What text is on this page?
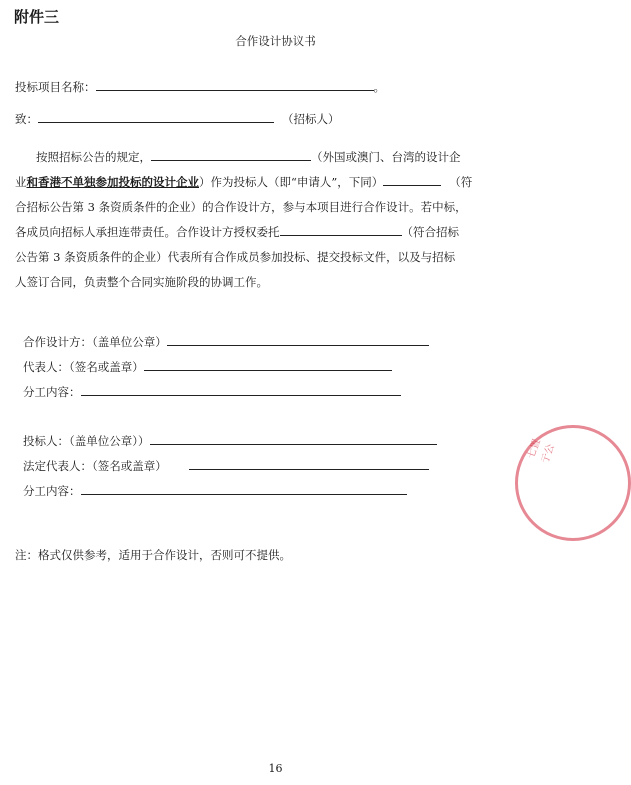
附件三
合作设计协议书
投标项目名称：	。
致：	（招标人）
按照招标公告的规定，	（外国或澳门、台湾的设计企
业和香港不单独参加投标的设计企业）作为投标人（即“申请人”，下同）	（符
合招标公告第 3 条资质条件的企业）的合作设计方，参与本项目进行合作设计。若中标，
各成员向招标人承担连带责任。合作设计方授权委托	（符合招标
公告第 3 条资质条件的企业）代表所有合作成员参加投标、提交投标文件，以及与招标
人签订合同，负责整个合同实施阶段的协调工作。
合作设计方：（盖单位公章）
代表人：（签名或盖章）
分工内容：
投标人：（盖单位公章））
法定代表人：（签名或盖章）
分工内容：
注：格式仅供参考，适用于合作设计，否则可不提供。
七置亍公
16
